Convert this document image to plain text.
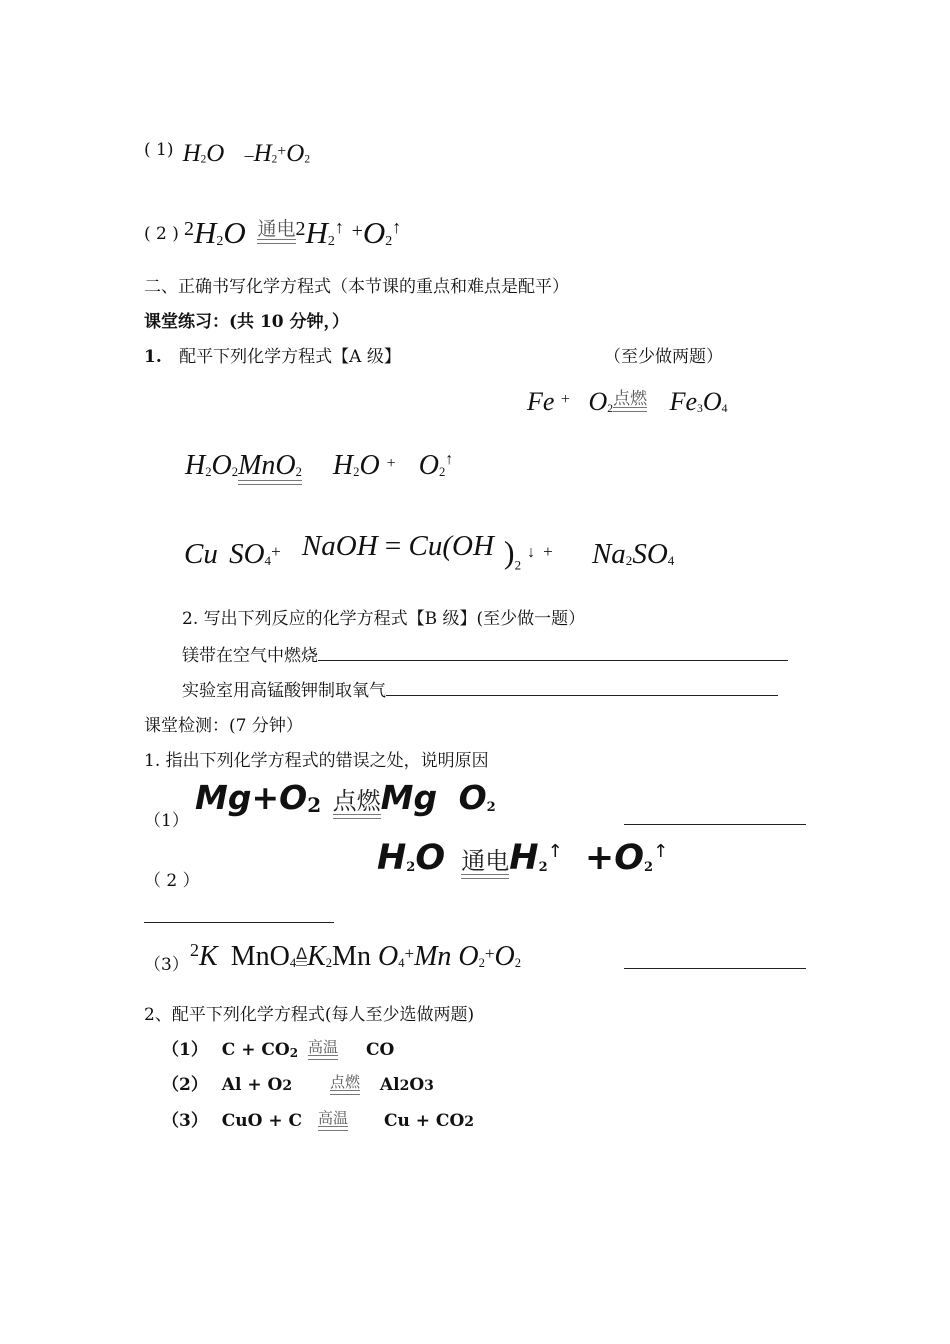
( 1) $H_2O$ $-H_2^+O_2$
( 2 ) $^2H_2O$ 通电$^2H_2^↑ +O_2^↑$
二、正确书写化学方程式（本节课的重点和难点是配平）
课堂练习：(共 10 分钟，）
1. 配平下列化学方程式【A 级】	（至少做两题）
Fe + $O_2$点燃 $Fe_3O_4$
$H_2O_2MnO_2$ $H_2O$ + $O_2^↑$
Cu $SO_4^+$ NaOH = Cu(OH )$_2^↓$ + $Na_2SO_4$
2. 写出下列反应的化学方程式【B 级】(至少做一题）
镁带在空气中燃烧
实验室用高锰酸钾制取氧气
课堂检测：(7 分钟）
1. 指出下列化学方程式的错误之处，说明原因
（1）
$Mg+O_2$ 点燃Mg $O_2$
（ 2 ）
$H_2O$ 通电$H_2^↑ +O_2^↑$
（3）
$^2$K $MnO_4\Delta K_2Mn$ $O_4^+Mn$ $O_2^+O_2$
2、配平下列化学方程式(每人至少选做两题)
（1） $C + CO_2$ 高温 CO
（2） Al + O2	点燃 Al2O3
（3） CuO + C 高温 Cu + CO2
